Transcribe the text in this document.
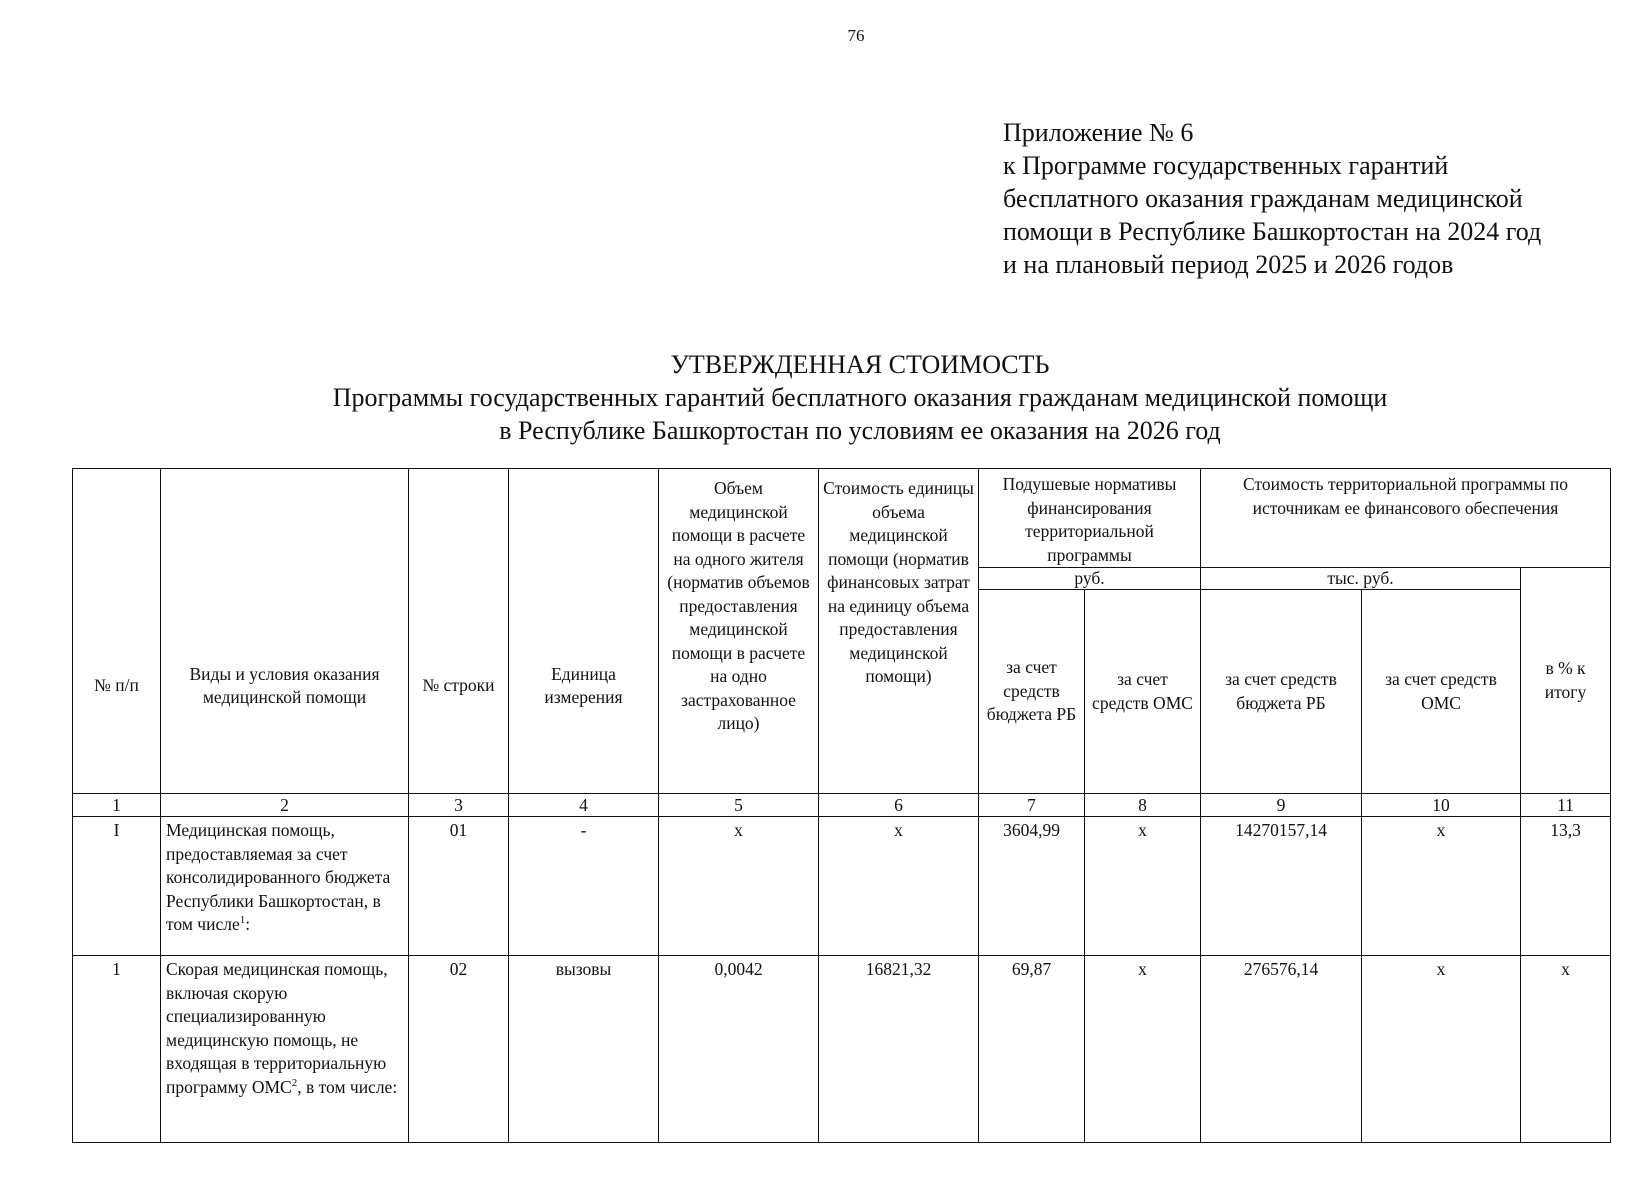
76
Приложение № 6
к Программе государственных гарантий
бесплатного оказания гражданам медицинской
помощи в Республике Башкортостан на 2024 год
и на плановый период 2025 и 2026 годов
УТВЕРЖДЕННАЯ СТОИМОСТЬ
Программы государственных гарантий бесплатного оказания гражданам медицинской помощи
в Республике Башкортостан по условиям ее оказания на 2026 год
№ п/п	Виды и условия оказания медицинской помощи	№ строки	Единица измерения	Объем медицинской помощи в расчете на одного жителя (норматив объемов предоставления медицинской помощи в расчете на одно застрахованное лицо)	Стоимость единицы объема медицинской помощи (норматив финансовых затрат на единицу объема предоставления медицинской помощи)	Подушевые нормативы финансирования территориальной программы		Стоимость территориальной программы по источникам ее финансового обеспечения		
						руб.		тыс. руб.		в % к итогу
						за счет средств бюджета РБ	за счет средств ОМС	за счет средств бюджета РБ	за счет средств ОМС	
1	2	3	4	5	6	7	8	9	10	11
I	Медицинская помощь, предоставляемая за счет консолидированного бюджета Республики Башкортостан, в том числе$^1$:	01	-	х	х	3604,99	х	14270157,14	х	13,3
1	Скорая медицинская помощь, включая скорую специализированную медицинскую помощь, не входящая в территориальную программу ОМС$^2$, в том числе:	02	вызовы	0,0042	16821,32	69,87	х	276576,14	х	х
